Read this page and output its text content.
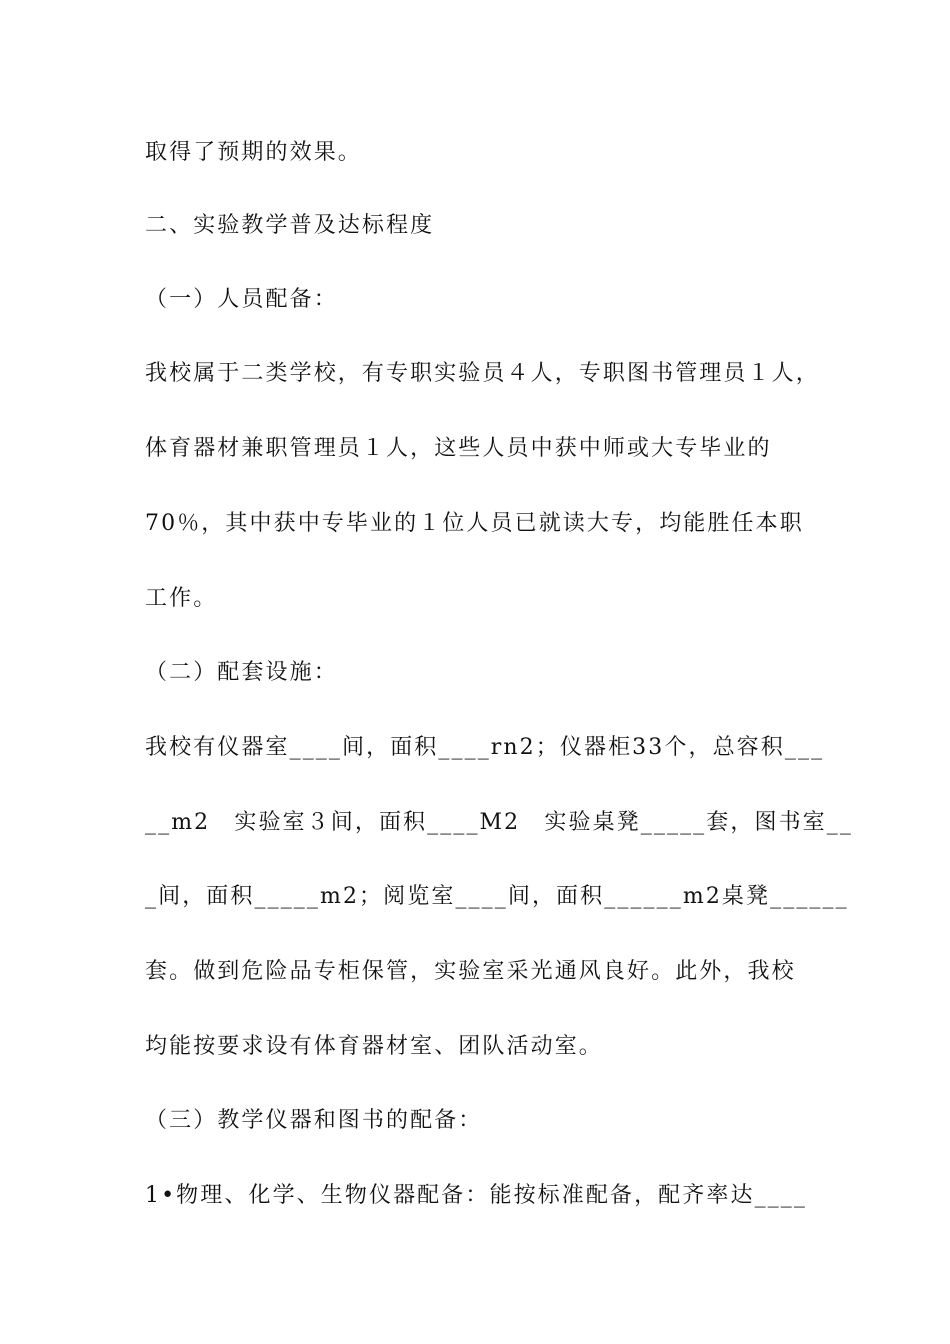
取得了预期的效果。
二、实验教学普及达标程度
（一）人员配备：
我校属于二类学校，有专职实验员４人，专职图书管理员１人，
体育器材兼职管理员１人，这些人员中获中师或大专毕业的
70％，其中获中专毕业的１位人员已就读大专，均能胜任本职
工作。
（二）配套设施：
我校有仪器室____间，面积____rn2；仪器柜33个，总容积___
__m2　实验室３间，面积____M2　实验桌凳_____套，图书室__
_间，面积_____m2；阅览室____间，面积______m2桌凳______
套。做到危险品专柜保管，实验室采光通风良好。此外，我校
均能按要求设有体育器材室、团队活动室。
（三）教学仪器和图书的配备：
1•物理、化学、生物仪器配备：能按标准配备，配齐率达____
